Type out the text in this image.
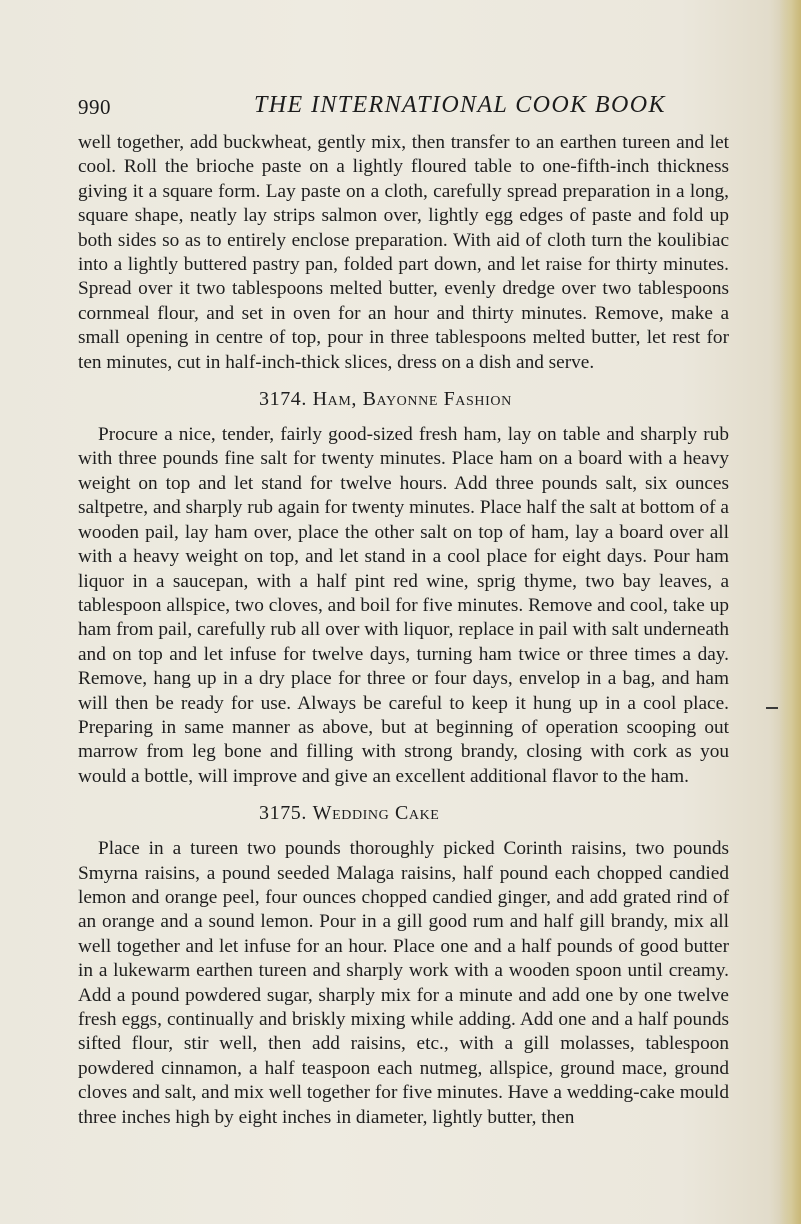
990	THE INTERNATIONAL COOK BOOK

well together, add buckwheat, gently mix, then transfer to an earthen tureen and let cool. Roll the brioche paste on a lightly floured table to one-fifth-inch thickness giving it a square form. Lay paste on a cloth, carefully spread preparation in a long, square shape, neatly lay strips salmon over, lightly egg edges of paste and fold up both sides so as to entirely enclose preparation. With aid of cloth turn the koulibiac into a lightly buttered pastry pan, folded part down, and let raise for thirty minutes. Spread over it two tablespoons melted butter, evenly dredge over two tablespoons cornmeal flour, and set in oven for an hour and thirty minutes. Remove, make a small opening in centre of top, pour in three tablespoons melted butter, let rest for ten minutes, cut in half-inch-thick slices, dress on a dish and serve.

3174. Ham, Bayonne Fashion

Procure a nice, tender, fairly good-sized fresh ham, lay on table and sharply rub with three pounds fine salt for twenty minutes. Place ham on a board with a heavy weight on top and let stand for twelve hours. Add three pounds salt, six ounces saltpetre, and sharply rub again for twenty minutes. Place half the salt at bottom of a wooden pail, lay ham over, place the other salt on top of ham, lay a board over all with a heavy weight on top, and let stand in a cool place for eight days. Pour ham liquor in a saucepan, with a half pint red wine, sprig thyme, two bay leaves, a tablespoon allspice, two cloves, and boil for five minutes. Remove and cool, take up ham from pail, carefully rub all over with liquor, replace in pail with salt underneath and on top and let infuse for twelve days, turning ham twice or three times a day. Remove, hang up in a dry place for three or four days, envelop in a bag, and ham will then be ready for use. Always be careful to keep it hung up in a cool place. Preparing in same manner as above, but at beginning of operation scooping out marrow from leg bone and filling with strong brandy, closing with cork as you would a bottle, will improve and give an excellent additional flavor to the ham.

3175. Wedding Cake

Place in a tureen two pounds thoroughly picked Corinth raisins, two pounds Smyrna raisins, a pound seeded Malaga raisins, half pound each chopped candied lemon and orange peel, four ounces chopped candied ginger, and add grated rind of an orange and a sound lemon. Pour in a gill good rum and half gill brandy, mix all well together and let infuse for an hour. Place one and a half pounds of good butter in a lukewarm earthen tureen and sharply work with a wooden spoon until creamy. Add a pound powdered sugar, sharply mix for a minute and add one by one twelve fresh eggs, continually and briskly mixing while adding. Add one and a half pounds sifted flour, stir well, then add raisins, etc., with a gill molasses, tablespoon powdered cinnamon, a half teaspoon each nutmeg, allspice, ground mace, ground cloves and salt, and mix well together for five minutes. Have a wedding-cake mould three inches high by eight inches in diameter, lightly butter, then
